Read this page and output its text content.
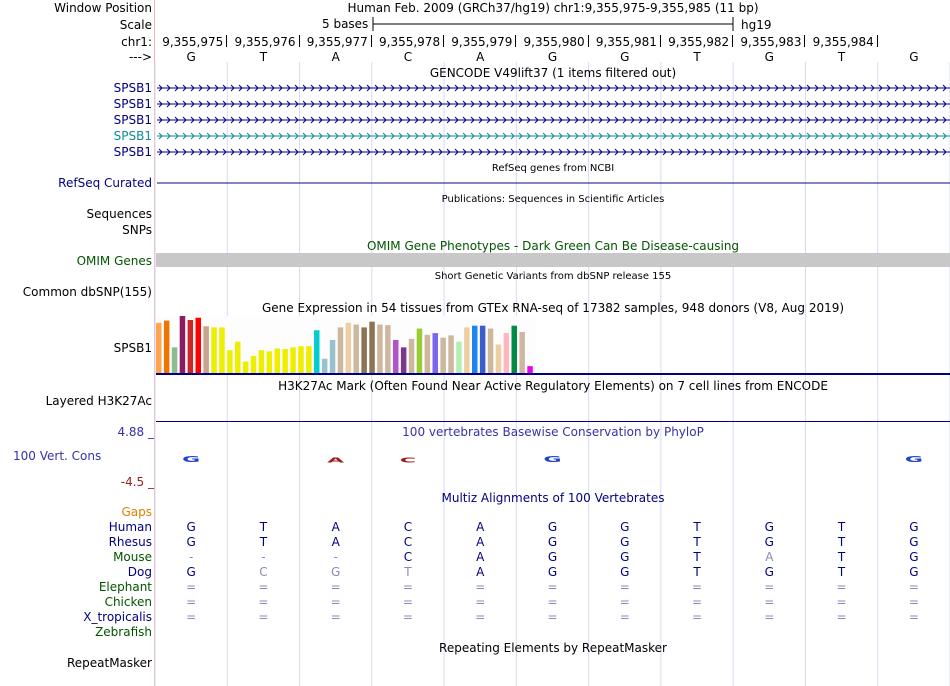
G	A	C	G	G
Window Position
Scale
chr1:
--->
Human Feb. 2009 (GRCh37/hg19) chr1:9,355,975-9,355,985 (11 bp)
5 bases	hg19
9,355,975 9,355,976 9,355,977 9,355,978 9,355,979 9,355,980 9,355,981 9,355,982 9,355,983 9,355,984
G	T	A	C	A	G	G	T	G	T	G
GENCODE V49lift37 (1 items filtered out)
SPSB1
SPSB1
SPSB1
SPSB1
SPSB1
RefSeq genes from NCBI
RefSeq Curated
Publications: Sequences in Scientific Articles
Sequences
SNPs
OMIM Gene Phenotypes - Dark Green Can Be Disease-causing
OMIM Genes
Short Genetic Variants from dbSNP release 155
Common dbSNP(155)
Gene Expression in 54 tissues from GTEx RNA-seq of 17382 samples, 948 donors (V8, Aug 2019)
SPSB1
H3K27Ac Mark (Often Found Near Active Regulatory Elements) on 7 cell lines from ENCODE
Layered H3K27Ac
4.88 _	100 vertebrates Basewise Conservation by PhyloP
100 Vert. Cons
-4.5 _
Multiz Alignments of 100 Vertebrates
Gaps
Human	G	T	A	C	A	G	G	T	G	T	G
Rhesus	G	T	A	C	A	G	G	T	G	T	G
Mouse	-	-	-	C	A	G	G	T	A	T	G
Dog	G	C	G	T	A	G	G	T	G	T	G
Elephant	=	=	=	=	=	=	=	=	=	=	=
Chicken	=	=	=	=	=	=	=	=	=	=	=
X_tropicalis	=	=	=	=	=	=	=	=	=	=	=
Zebrafish
Repeating Elements by RepeatMasker
RepeatMasker
